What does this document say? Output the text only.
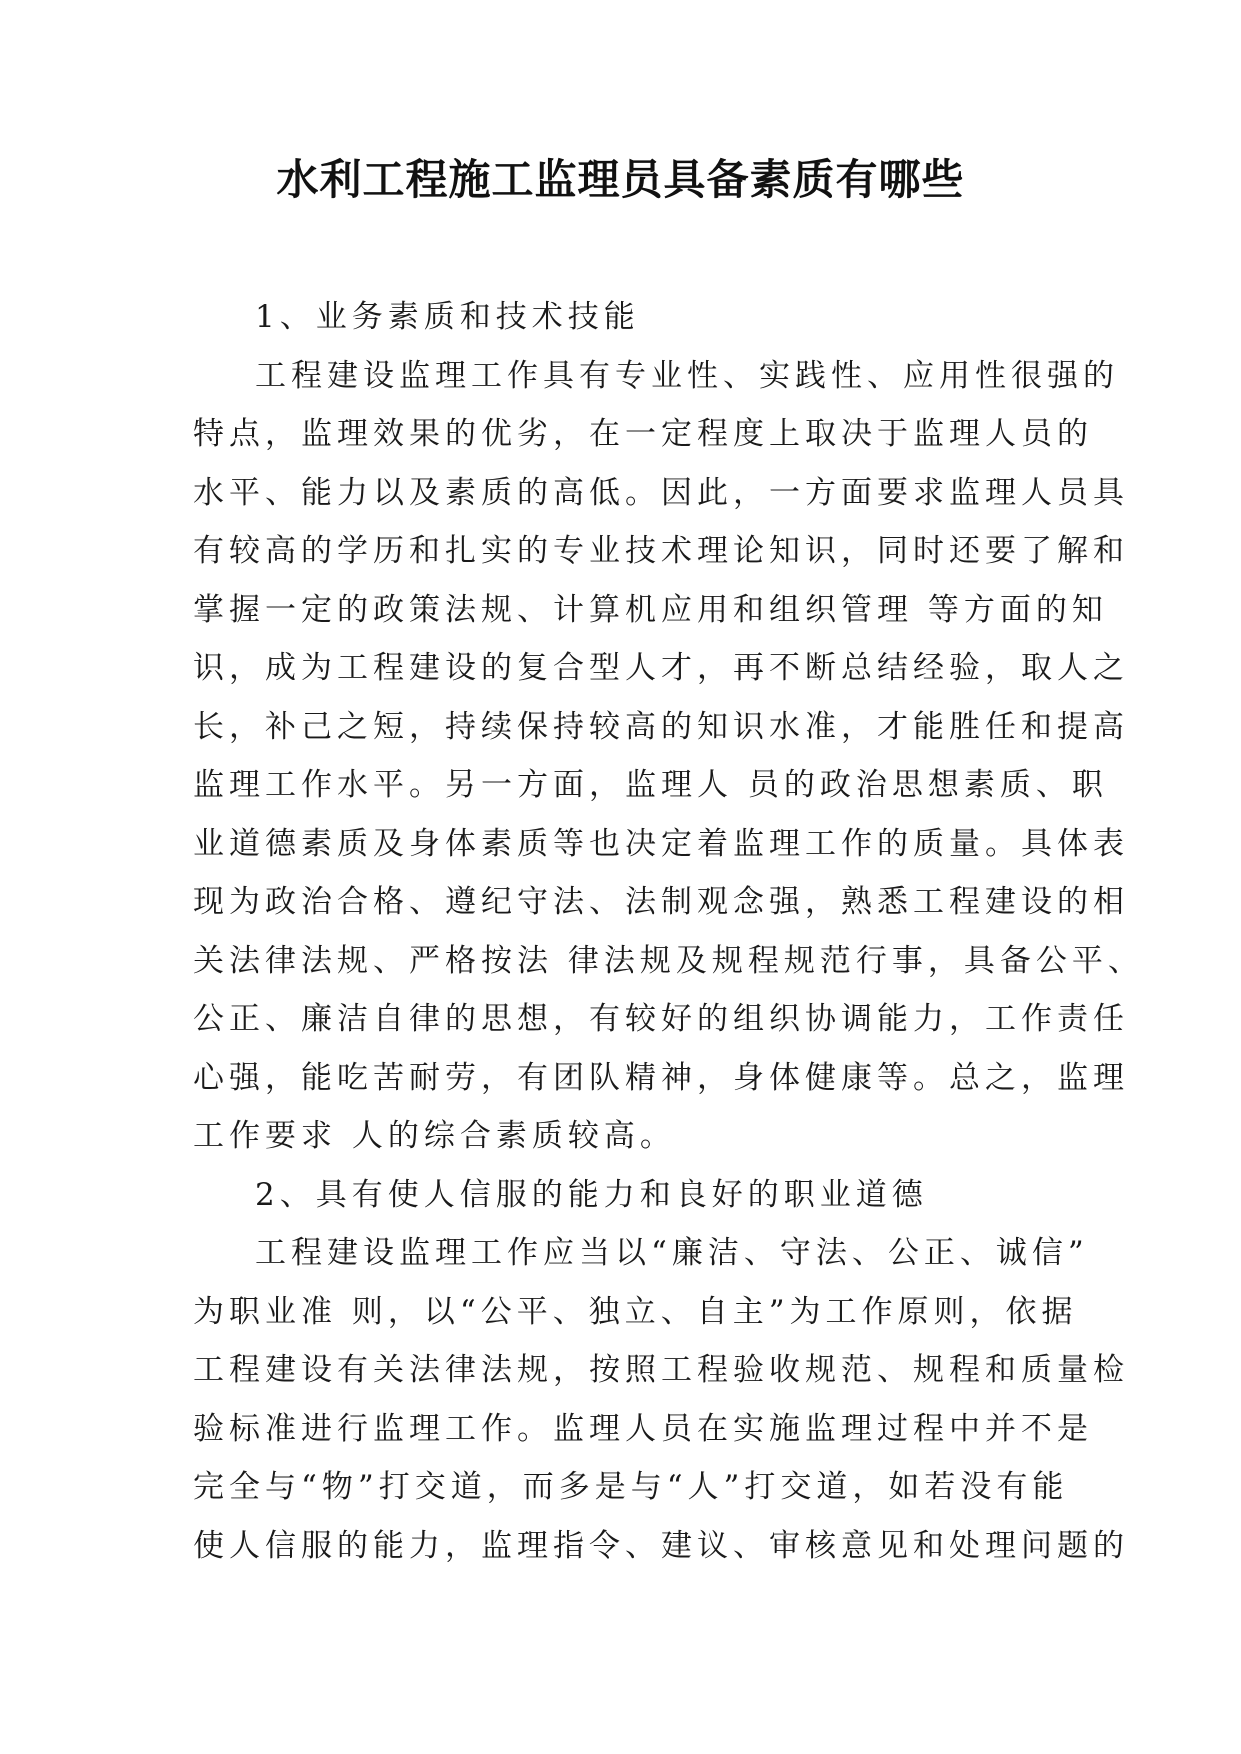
水利工程施工监理员具备素质有哪些
1、业务素质和技术技能
工程建设监理工作具有专业性、实践性、应用性很强的
特点，监理效果的优劣，在一定程度上取决于监理人员的
水平、能力以及素质的高低。因此，一方面要求监理人员具
有较高的学历和扎实的专业技术理论知识，同时还要了解和
掌握一定的政策法规、计算机应用和组织管理 等方面的知
识，成为工程建设的复合型人才，再不断总结经验，取人之
长，补己之短，持续保持较高的知识水准，才能胜任和提高
监理工作水平。另一方面，监理人 员的政治思想素质、职
业道德素质及身体素质等也决定着监理工作的质量。具体表
现为政治合格、遵纪守法、法制观念强，熟悉工程建设的相
关法律法规、严格按法 律法规及规程规范行事，具备公平、
公正、廉洁自律的思想，有较好的组织协调能力，工作责任
心强，能吃苦耐劳，有团队精神，身体健康等。总之，监理
工作要求 人的综合素质较高。
2、具有使人信服的能力和良好的职业道德
工程建设监理工作应当以“廉洁、守法、公正、诚信”
为职业准 则，以“公平、独立、自主”为工作原则，依据
工程建设有关法律法规，按照工程验收规范、规程和质量检
验标准进行监理工作。监理人员在实施监理过程中并不是
完全与“物”打交道，而多是与“人”打交道，如若没有能
使人信服的能力，监理指令、建议、审核意见和处理问题的
